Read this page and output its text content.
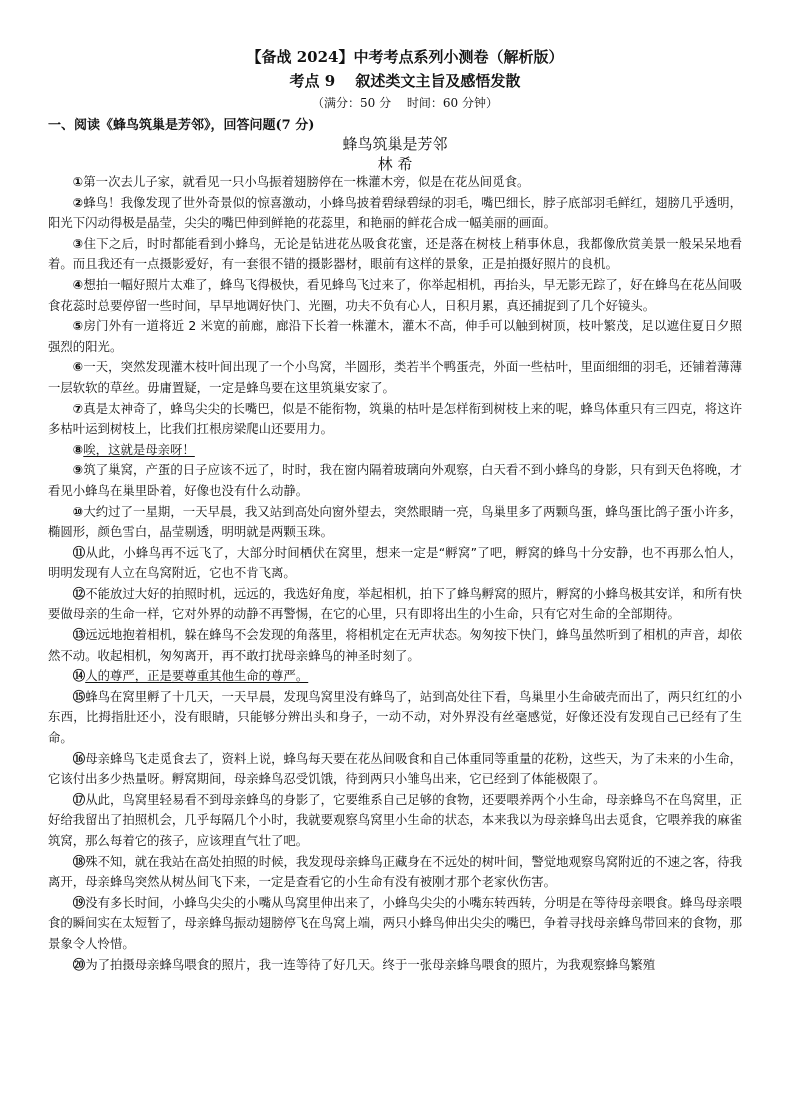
【备战 2024】中考考点系列小测卷（解析版）
考点 9　 叙述类文主旨及感悟发散
（满分：50 分　 时间：60 分钟）
一、阅读《蜂鸟筑巢是芳邻》，回答问题(7 分)
蜂鸟筑巢是芳邻
林 希

①第一次去儿子家，就看见一只小鸟振着翅膀停在一株灌木旁，似是在花丛间觅食。

②蜂鸟！我像发现了世外奇景似的惊喜激动，小蜂鸟披着碧绿碧绿的羽毛，嘴巴细长，脖子底部羽毛鲜红，翅膀几乎透明，阳光下闪动得极是晶莹，尖尖的嘴巴伸到鲜艳的花蕊里，和艳丽的鲜花合成一幅美丽的画面。

③住下之后，时时都能看到小蜂鸟，无论是钻进花丛吸食花蜜，还是落在树枝上稍事休息，我都像欣赏美景一般呆呆地看着。而且我还有一点摄影爱好，有一套很不错的摄影器材，眼前有这样的景象，正是拍摄好照片的良机。

④想拍一幅好照片太难了，蜂鸟飞得极快，看见蜂鸟飞过来了，你举起相机，再抬头，早无影无踪了，好在蜂鸟在花丛间吸食花蕊时总要停留一些时间，早早地调好快门、光圈，功夫不负有心人，日积月累，真还捕捉到了几个好镜头。

⑤房门外有一道将近 2 米宽的前廊，廊沿下长着一株灌木，灌木不高，伸手可以触到树顶，枝叶繁茂，足以遮住夏日夕照强烈的阳光。

⑥一天，突然发现灌木枝叶间出现了一个小鸟窝，半圆形，类若半个鸭蛋壳，外面一些枯叶，里面细细的羽毛，还铺着薄薄一层软软的草丝。毋庸置疑，一定是蜂鸟要在这里筑巢安家了。

⑦真是太神奇了，蜂鸟尖尖的长嘴巴，似是不能衔物，筑巢的枯叶是怎样衔到树枝上来的呢，蜂鸟体重只有三四克，将这许多枯叶运到树枝上，比我们扛根房梁爬山还要用力。

⑧唉，这就是母亲呀！

⑨筑了巢窝，产蛋的日子应该不远了，时时，我在窗内隔着玻璃向外观察，白天看不到小蜂鸟的身影，只有到天色将晚，才看见小蜂鸟在巢里卧着，好像也没有什么动静。

⑩大约过了一星期，一天早晨，我又站到高处向窗外望去，突然眼睛一亮，鸟巢里多了两颗鸟蛋，蜂鸟蛋比鸽子蛋小许多，椭圆形，颜色雪白，晶莹剔透，明明就是两颗玉珠。

⑪从此，小蜂鸟再不远飞了，大部分时间栖伏在窝里，想来一定是“孵窝”了吧，孵窝的蜂鸟十分安静，也不再那么怕人，明明发现有人立在鸟窝附近，它也不肯飞离。

⑫不能放过大好的拍照时机，远远的，我选好角度，举起相机，拍下了蜂鸟孵窝的照片，孵窝的小蜂鸟极其安详，和所有快要做母亲的生命一样，它对外界的动静不再警惕，在它的心里，只有即将出生的小生命，只有它对生命的全部期待。

⑬远远地抱着相机，躲在蜂鸟不会发现的角落里，将相机定在无声状态。匆匆按下快门，蜂鸟虽然听到了相机的声音，却依然不动。收起相机，匆匆离开，再不敢打扰母亲蜂鸟的神圣时刻了。

⑭人的尊严，正是要尊重其他生命的尊严。

⑮蜂鸟在窝里孵了十几天，一天早晨，发现鸟窝里没有蜂鸟了，站到高处往下看，鸟巢里小生命破壳而出了，两只红红的小东西，比拇指肚还小，没有眼睛，只能够分辨出头和身子，一动不动，对外界没有丝毫感觉，好像还没有发现自己已经有了生命。

⑯母亲蜂鸟飞走觅食去了，资料上说，蜂鸟每天要在花丛间吸食和自己体重同等重量的花粉，这些天，为了未来的小生命，它该付出多少热量呀。孵窝期间，母亲蜂鸟忍受饥饿，待到两只小雏鸟出来，它已经到了体能极限了。

⑰从此，鸟窝里轻易看不到母亲蜂鸟的身影了，它要维系自己足够的食物，还要喂养两个小生命，母亲蜂鸟不在鸟窝里，正好给我留出了拍照机会，几乎每隔几个小时，我就要观察鸟窝里小生命的状态，本来我以为母亲蜂鸟出去觅食，它喂养我的麻雀筑窝，那么每着它的孩子，应该理直气壮了吧。

⑱殊不知，就在我站在高处拍照的时候，我发现母亲蜂鸟正藏身在不远处的树叶间，警觉地观察鸟窝附近的不速之客，待我离开，母亲蜂鸟突然从树丛间飞下来，一定是查看它的小生命有没有被刚才那个老家伙伤害。

⑲没有多长时间，小蜂鸟尖尖的小嘴从鸟窝里伸出来了，小蜂鸟尖尖的小嘴东转西转，分明是在等待母亲喂食。蜂鸟母亲喂食的瞬间实在太短暂了，母亲蜂鸟振动翅膀停飞在鸟窝上端，两只小蜂鸟伸出尖尖的嘴巴，争着寻找母亲蜂鸟带回来的食物，那景象令人怜惜。

⑳为了拍摄母亲蜂鸟喂食的照片，我一连等待了好几天。终于一张母亲蜂鸟喂食的照片，为我观察蜂鸟繁殖
